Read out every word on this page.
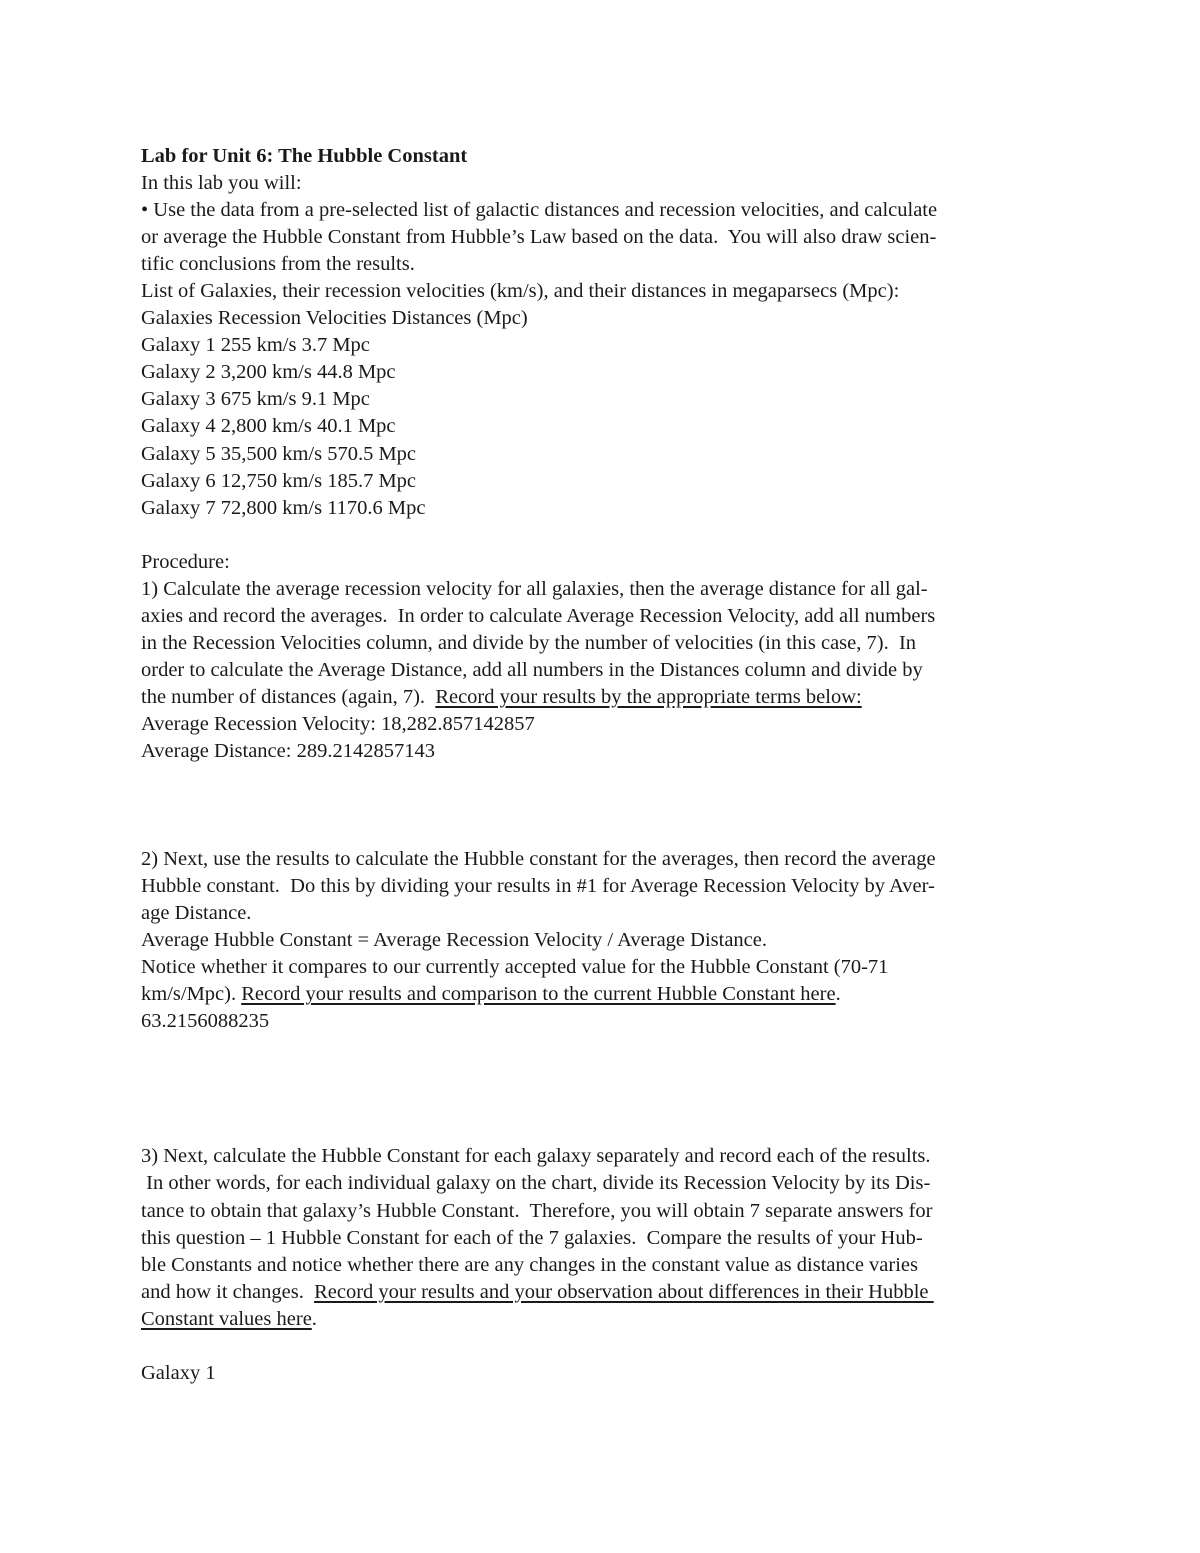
Lab for Unit 6: The Hubble Constant
In this lab you will:
• Use the data from a pre-selected list of galactic distances and recession velocities, and calculate
or average the Hubble Constant from Hubble’s Law based on the data.  You will also draw scien-
tific conclusions from the results.
List of Galaxies, their recession velocities (km/s), and their distances in megaparsecs (Mpc):
Galaxies Recession Velocities Distances (Mpc)
Galaxy 1 255 km/s 3.7 Mpc
Galaxy 2 3,200 km/s 44.8 Mpc
Galaxy 3 675 km/s 9.1 Mpc
Galaxy 4 2,800 km/s 40.1 Mpc
Galaxy 5 35,500 km/s 570.5 Mpc
Galaxy 6 12,750 km/s 185.7 Mpc
Galaxy 7 72,800 km/s 1170.6 Mpc
Procedure:
1) Calculate the average recession velocity for all galaxies, then the average distance for all gal-
axies and record the averages.  In order to calculate Average Recession Velocity, add all numbers
in the Recession Velocities column, and divide by the number of velocities (in this case, 7).  In
order to calculate the Average Distance, add all numbers in the Distances column and divide by
the number of distances (again, 7).  Record your results by the appropriate terms below:
Average Recession Velocity: 18,282.857142857
Average Distance: 289.2142857143
2) Next, use the results to calculate the Hubble constant for the averages, then record the average
Hubble constant.  Do this by dividing your results in #1 for Average Recession Velocity by Aver-
age Distance.
Average Hubble Constant = Average Recession Velocity / Average Distance.
Notice whether it compares to our currently accepted value for the Hubble Constant (70-71
km/s/Mpc). Record your results and comparison to the current Hubble Constant here.
63.2156088235
3) Next, calculate the Hubble Constant for each galaxy separately and record each of the results.
In other words, for each individual galaxy on the chart, divide its Recession Velocity by its Dis-
tance to obtain that galaxy’s Hubble Constant.  Therefore, you will obtain 7 separate answers for
this question – 1 Hubble Constant for each of the 7 galaxies.  Compare the results of your Hub-
ble Constants and notice whether there are any changes in the constant value as distance varies
and how it changes.  Record your results and your observation about differences in their Hubble
Constant values here.
Galaxy 1
